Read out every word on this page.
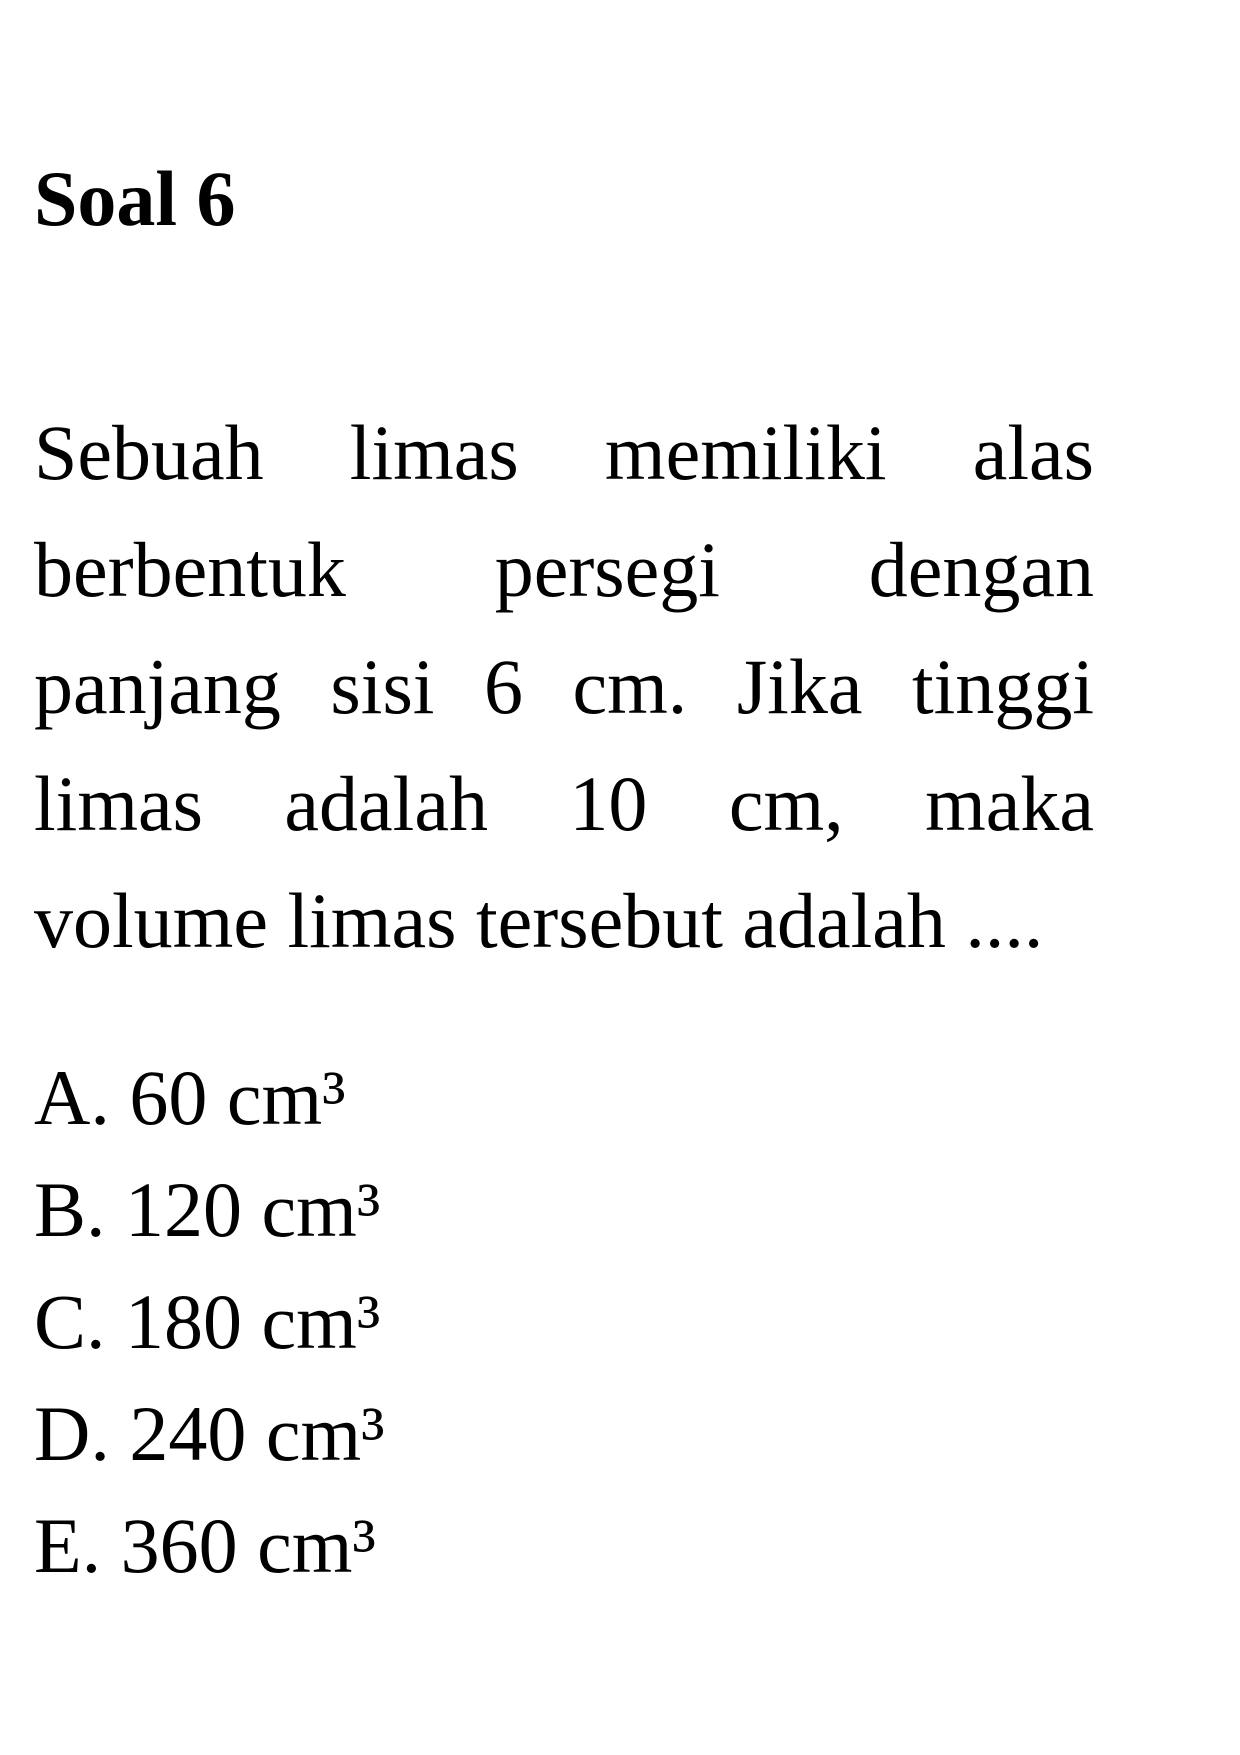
Soal 6

Sebuah limas memiliki alas berbentuk persegi dengan panjang sisi 6 cm. Jika tinggi limas adalah 10 cm, maka volume limas tersebut adalah ....

A. 60 cm³
B. 120 cm³
C. 180 cm³
D. 240 cm³
E. 360 cm³
